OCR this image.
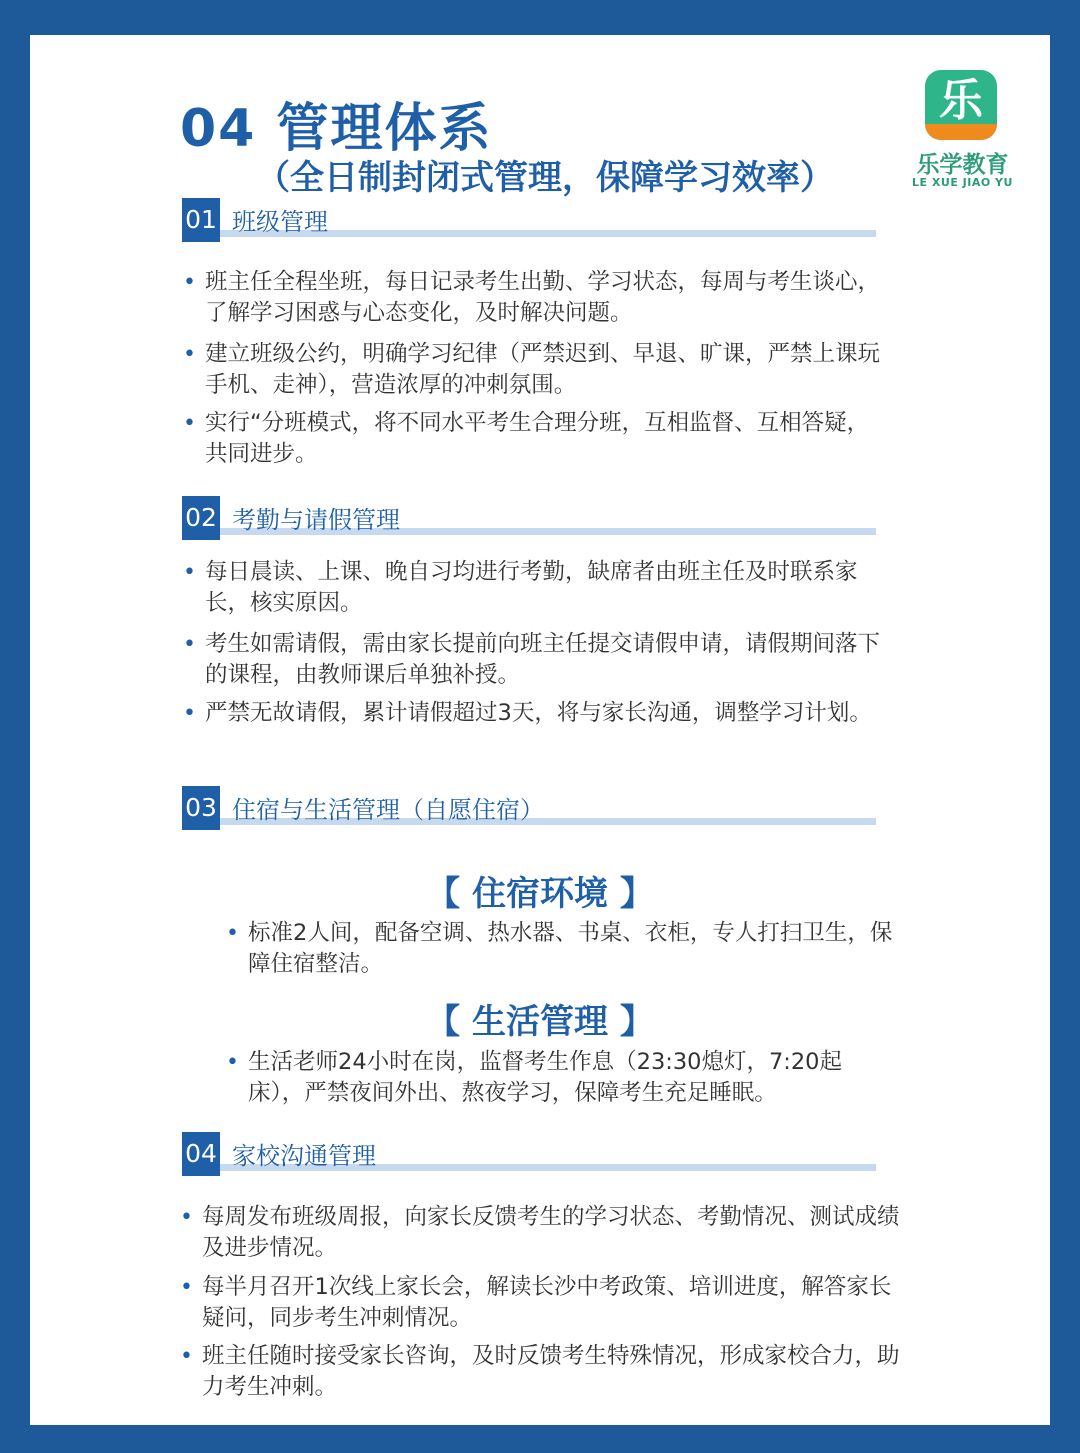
04 管理体系
（全日制封闭式管理，保障学习效率）
乐
乐学教育
LE XUE JIAO YU
01 班级管理

• 班主任全程坐班，每日记录考生出勤、学习状态，每周与考生谈心，了解学习困惑与心态变化，及时解决问题。

• 建立班级公约，明确学习纪律（严禁迟到、早退、旷课，严禁上课玩手机、走神），营造浓厚的冲刺氛围。

• 实行“分班模式，将不同水平考生合理分班，互相监督、互相答疑，共同进步。

02 考勤与请假管理

• 每日晨读、上课、晚自习均进行考勤，缺席者由班主任及时联系家长，核实原因。

• 考生如需请假，需由家长提前向班主任提交请假申请，请假期间落下的课程，由教师课后单独补授。

• 严禁无故请假，累计请假超过3天，将与家长沟通，调整学习计划。

03 住宿与生活管理（自愿住宿）
【 住宿环境 】

• 标准2人间，配备空调、热水器、书桌、衣柜，专人打扫卫生，保障住宿整洁。

【 生活管理 】

• 生活老师24小时在岗，监督考生作息（23:30熄灯，7:20起床），严禁夜间外出、熬夜学习，保障考生充足睡眠。

04 家校沟通管理

• 每周发布班级周报，向家长反馈考生的学习状态、考勤情况、测试成绩及进步情况。

• 每半月召开1次线上家长会，解读长沙中考政策、培训进度，解答家长疑问，同步考生冲刺情况。

• 班主任随时接受家长咨询，及时反馈考生特殊情况，形成家校合力，助力考生冲刺。
